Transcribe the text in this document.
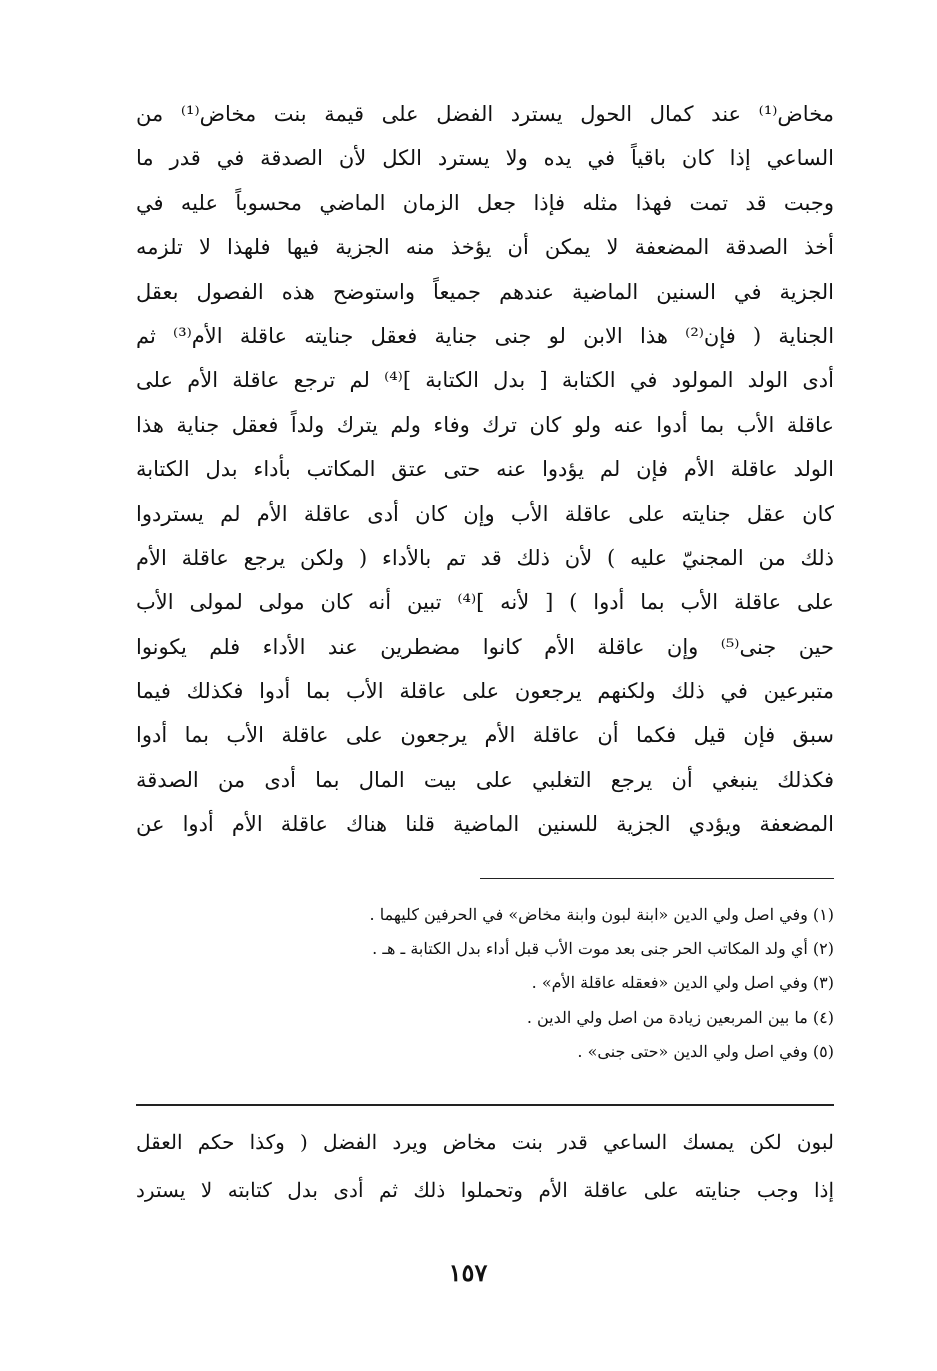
مخاض⁽¹⁾ عند كمال الحول يسترد الفضل على قيمة بنت مخاض⁽¹⁾ من
الساعي إذا كان باقياً في يده ولا يسترد الكل لأن الصدقة في قدر ما
وجبت قد تمت فهذا مثله فإذا جعل الزمان الماضي محسوباً عليه في
أخذ الصدقة المضعفة لا يمكن أن يؤخذ منه الجزية فيها فلهذا لا تلزمه
الجزية في السنين الماضية عندهم جميعاً واستوضح هذه الفصول بعقل
الجناية ( فإن⁽²⁾ هذا الابن لو جنى جناية فعقل جنايته عاقلة الأم⁽³⁾ ثم
أدى الولد المولود في الكتابة [ بدل الكتابة ]⁽⁴⁾ لم ترجع عاقلة الأم على
عاقلة الأب بما أدوا عنه ولو كان ترك وفاء ولم يترك ولداً فعقل جناية هذا
الولد عاقلة الأم فإن لم يؤدوا عنه حتى عتق المكاتب بأداء بدل الكتابة
كان عقل جنايته على عاقلة الأب وإن كان أدى عاقلة الأم لم يستردوا
ذلك من المجنيّ عليه ) لأن ذلك قد تم بالأداء ( ولكن يرجع عاقلة الأم
على عاقلة الأب بما أدوا ) [ لأنه ]⁽⁴⁾ تبين أنه كان مولى لمولى الأب
حين جنى⁽⁵⁾ وإن عاقلة الأم كانوا مضطرين عند الأداء فلم يكونوا
متبرعين في ذلك ولكنهم يرجعون على عاقلة الأب بما أدوا فكذلك فيما
سبق فإن قيل فكما أن عاقلة الأم يرجعون على عاقلة الأب بما أدوا
فكذلك ينبغي أن يرجع التغلبي على بيت المال بما أدى من الصدقة
المضعفة ويؤدي الجزية للسنين الماضية قلنا هناك عاقلة الأم أدوا عن
(١) وفي اصل ولي الدين «ابنة لبون وابنة مخاض» في الحرفين كليهما .
(٢) أي ولد المكاتب الحر جنى بعد موت الأب قبل أداء بدل الكتابة ـ هـ .
(٣) وفي اصل ولي الدين «فعقله عاقلة الأم» .
(٤) ما بين المربعين زيادة من اصل ولي الدين .
(٥) وفي اصل ولي الدين «حتى جنى» .
لبون لكن يمسك الساعي قدر بنت مخاض ويرد الفضل ( وكذا حكم العقل
إذا وجب جنايته على عاقلة الأم وتحملوا ذلك ثم أدى بدل كتابته لا يسترد
١٥٧
